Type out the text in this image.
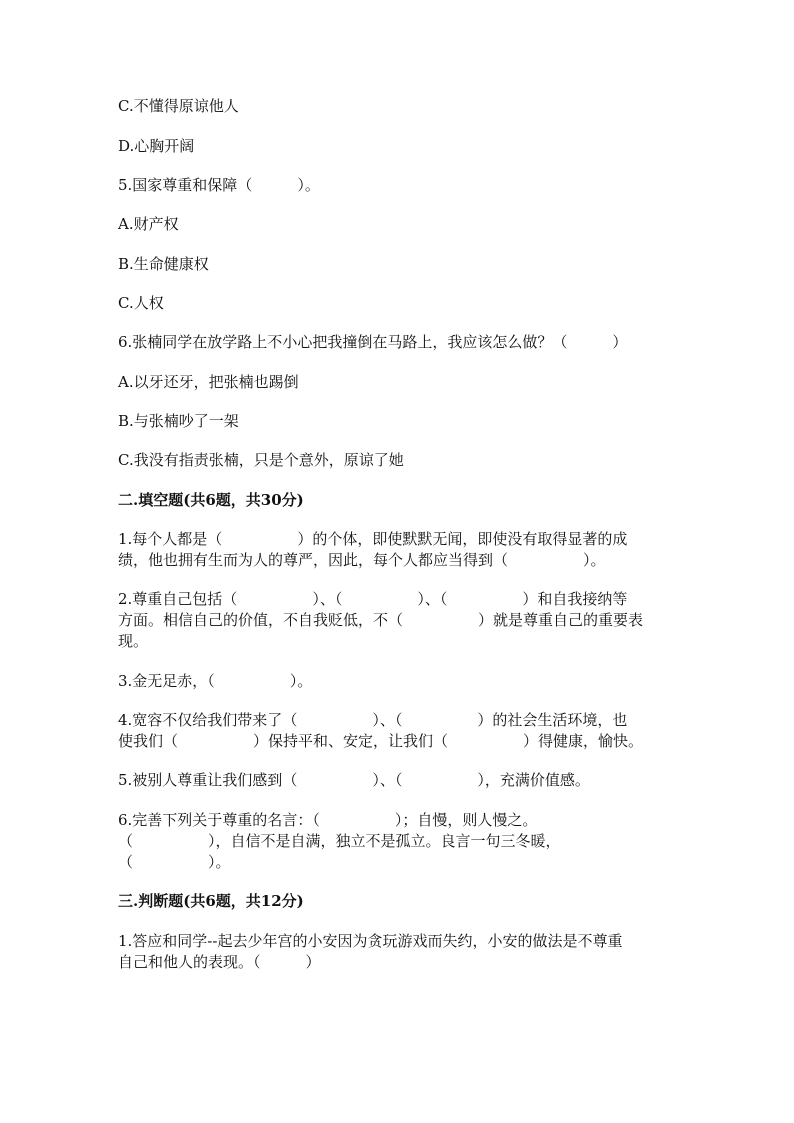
C.不懂得原谅他人
D.心胸开阔
5.国家尊重和保障（　　　）。
A.财产权
B.生命健康权
C.人权
6.张楠同学在放学路上不小心把我撞倒在马路上，我应该怎么做？（　　　）
A.以牙还牙，把张楠也踢倒
B.与张楠吵了一架
C.我没有指责张楠，只是个意外，原谅了她
二.填空题(共6题，共30分)
1.每个人都是（　　　　　）的个体，即使默默无闻，即使没有取得显著的成
绩，他也拥有生而为人的尊严，因此，每个人都应当得到（　　　　　）。
2.尊重自己包括（　　　　　）、（　　　　　）、（　　　　　）和自我接纳等
方面。相信自己的价值，不自我贬低，不（　　　　　）就是尊重自己的重要表
现。
3.金无足赤，（　　　　　）。
4.宽容不仅给我们带来了（　　　　　）、（　　　　　）的社会生活环境，也
使我们（　　　　　）保持平和、安定，让我们（　　　　　）得健康，愉快。
5.被别人尊重让我们感到（　　　　　）、（　　　　　），充满价值感。
6.完善下列关于尊重的名言：（　　　　　）；自慢，则人慢之。
（　　　　　），自信不是自满，独立不是孤立。良言一句三冬暖，
（　　　　　）。
三.判断题(共6题，共12分)
1.答应和同学--起去少年宫的小安因为贪玩游戏而失约，小安的做法是不尊重
自己和他人的表现。（　　　）
